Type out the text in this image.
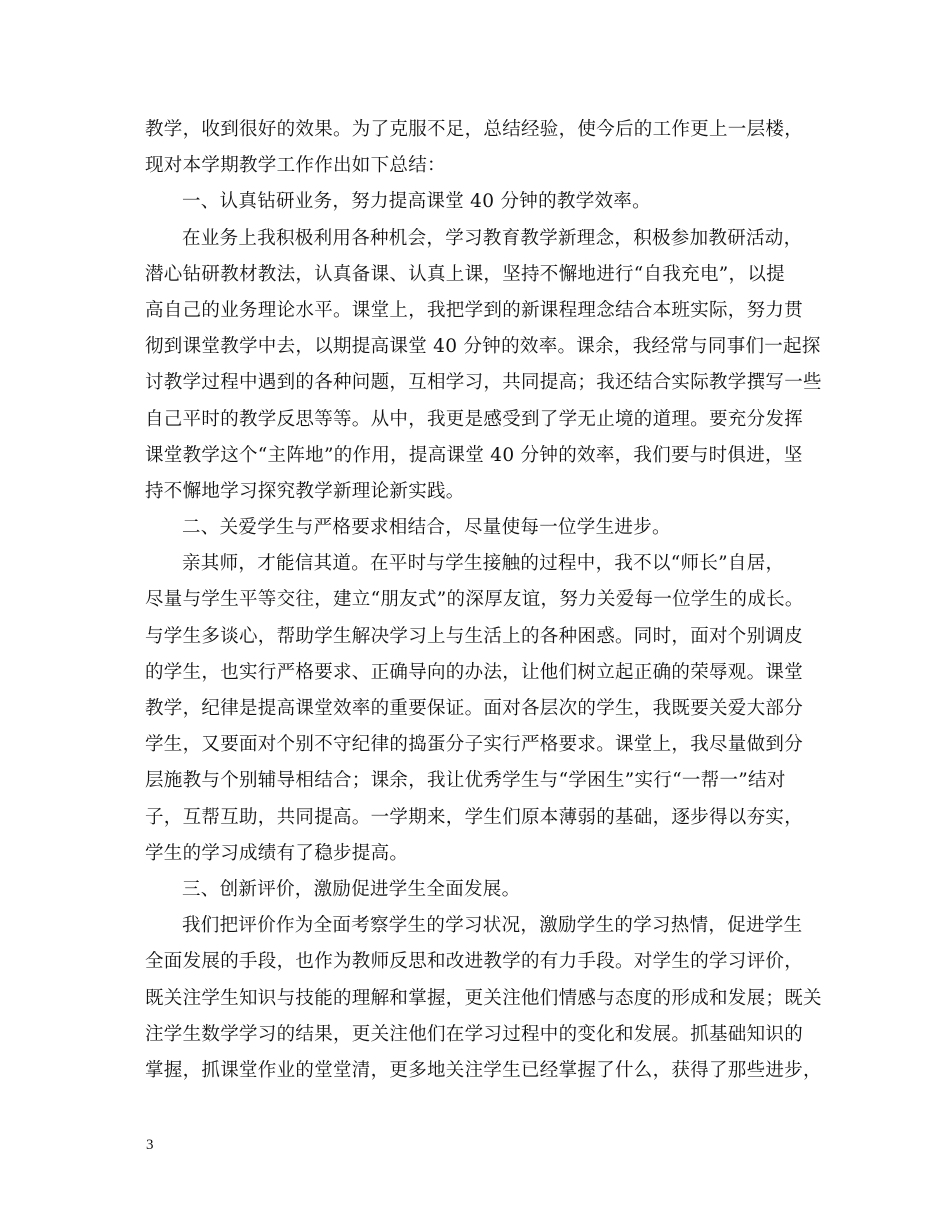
教学，收到很好的效果。为了克服不足，总结经验，使今后的工作更上一层楼，
现对本学期教学工作作出如下总结：
一、认真钻研业务，努力提高课堂 40 分钟的教学效率。
在业务上我积极利用各种机会，学习教育教学新理念，积极参加教研活动，
潜心钻研教材教法，认真备课、认真上课，坚持不懈地进行“自我充电”，以提
高自己的业务理论水平。课堂上，我把学到的新课程理念结合本班实际，努力贯
彻到课堂教学中去，以期提高课堂 40 分钟的效率。课余，我经常与同事们一起探
讨教学过程中遇到的各种问题，互相学习，共同提高；我还结合实际教学撰写一些
自己平时的教学反思等等。从中，我更是感受到了学无止境的道理。要充分发挥
课堂教学这个“主阵地”的作用，提高课堂 40 分钟的效率，我们要与时俱进，坚
持不懈地学习探究教学新理论新实践。
二、关爱学生与严格要求相结合，尽量使每一位学生进步。
亲其师，才能信其道。在平时与学生接触的过程中，我不以“师长”自居，
尽量与学生平等交往，建立“朋友式”的深厚友谊，努力关爱每一位学生的成长。
与学生多谈心，帮助学生解决学习上与生活上的各种困惑。同时，面对个别调皮
的学生，也实行严格要求、正确导向的办法，让他们树立起正确的荣辱观。课堂
教学，纪律是提高课堂效率的重要保证。面对各层次的学生，我既要关爱大部分
学生，又要面对个别不守纪律的捣蛋分子实行严格要求。课堂上，我尽量做到分
层施教与个别辅导相结合；课余，我让优秀学生与“学困生”实行“一帮一”结对
子，互帮互助，共同提高。一学期来，学生们原本薄弱的基础，逐步得以夯实，
学生的学习成绩有了稳步提高。
三、创新评价，激励促进学生全面发展。
我们把评价作为全面考察学生的学习状况，激励学生的学习热情，促进学生
全面发展的手段，也作为教师反思和改进教学的有力手段。对学生的学习评价，
既关注学生知识与技能的理解和掌握，更关注他们情感与态度的形成和发展；既关
注学生数学学习的结果，更关注他们在学习过程中的变化和发展。抓基础知识的
掌握，抓课堂作业的堂堂清，更多地关注学生已经掌握了什么，获得了那些进步，
3
